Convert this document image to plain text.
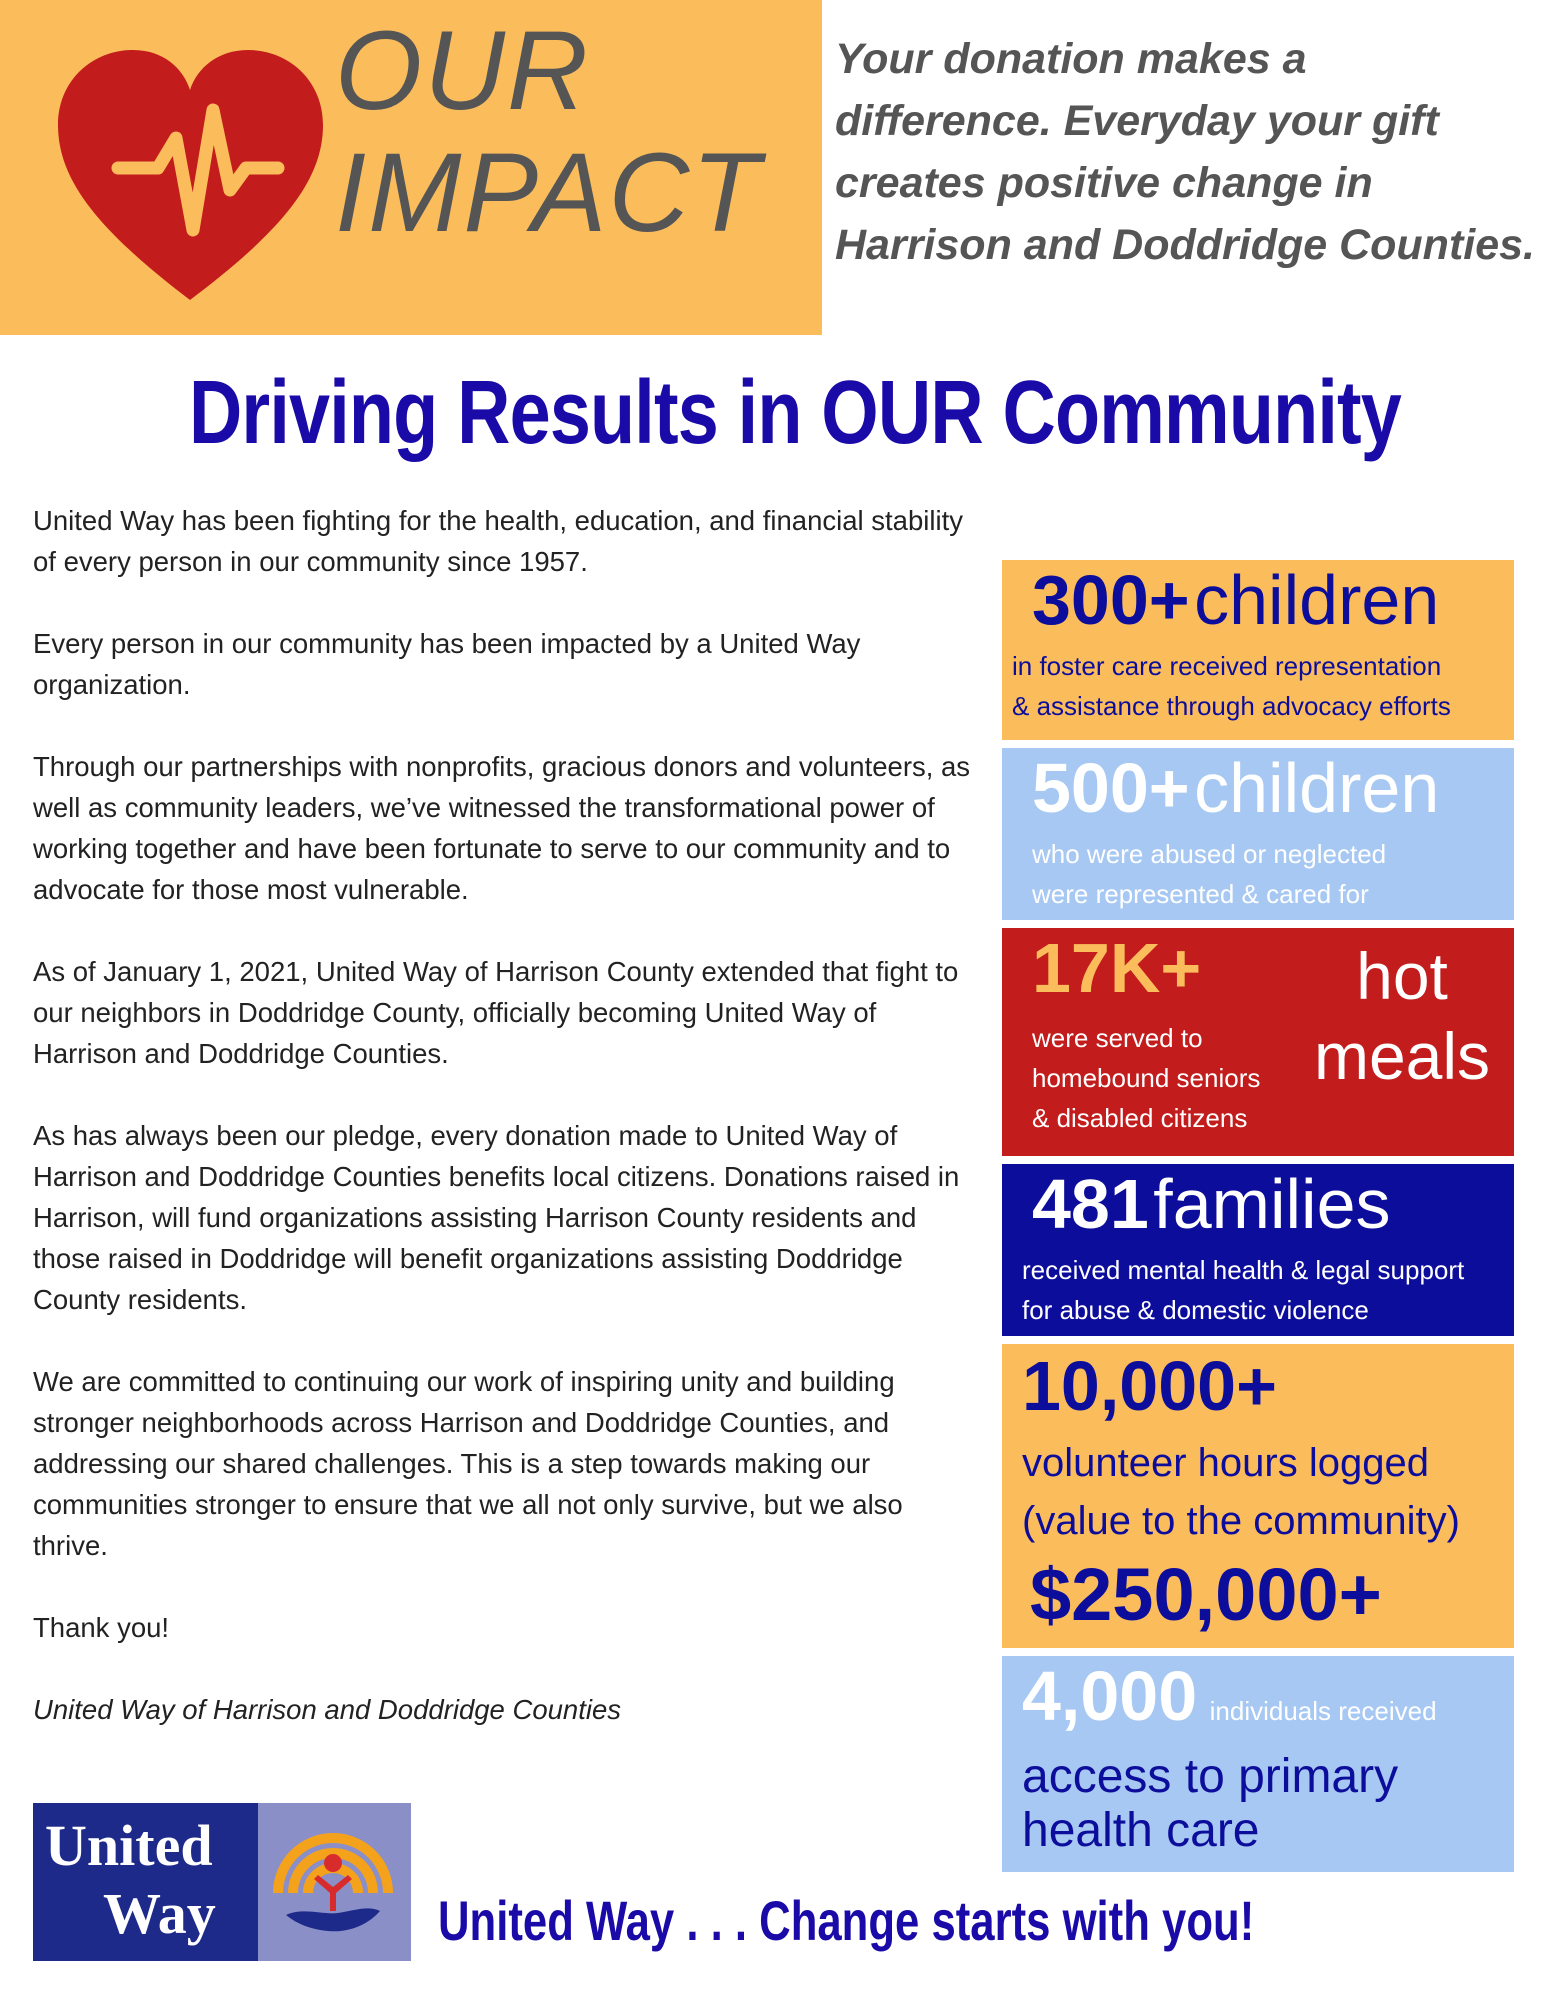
OUR
IMPACT
Your donation makes a difference. Everyday your gift creates positive change in Harrison and Doddridge Counties.
Driving Results in OUR Community

United Way has been fighting for the health, education, and financial stability of every person in our community since 1957.

Every person in our community has been impacted by a United Way organization.

Through our partnerships with nonprofits, gracious donors and volunteers, as well as community leaders, we’ve witnessed the transformational power of working together and have been fortunate to serve to our community and to advocate for those most vulnerable.

As of January 1, 2021, United Way of Harrison County extended that fight to our neighbors in Doddridge County, officially becoming United Way of Harrison and Doddridge Counties.

As has always been our pledge, every donation made to United Way of Harrison and Doddridge Counties benefits local citizens. Donations raised in Harrison, will fund organizations assisting Harrison County residents and those raised in Doddridge will benefit organizations assisting Doddridge County residents.

We are committed to continuing our work of inspiring unity and building stronger neighborhoods across Harrison and Doddridge Counties, and addressing our shared challenges. This is a step towards making our communities stronger to ensure that we all not only survive, but we also thrive.

Thank you!

United Way of Harrison and Doddridge Counties

300+ children
in foster care received representation
& assistance through advocacy efforts
500+ children
who were abused or neglected
were represented & cared for
17K+
were served to
homebound seniors
& disabled citizens
hot
meals
481 families
received mental health & legal support
for abuse & domestic violence
10,000+
volunteer hours logged
(value to the community)
$250,000+
4,000 individuals received
access to primary
health care
United
Way	United Way . . . Change starts with you!
